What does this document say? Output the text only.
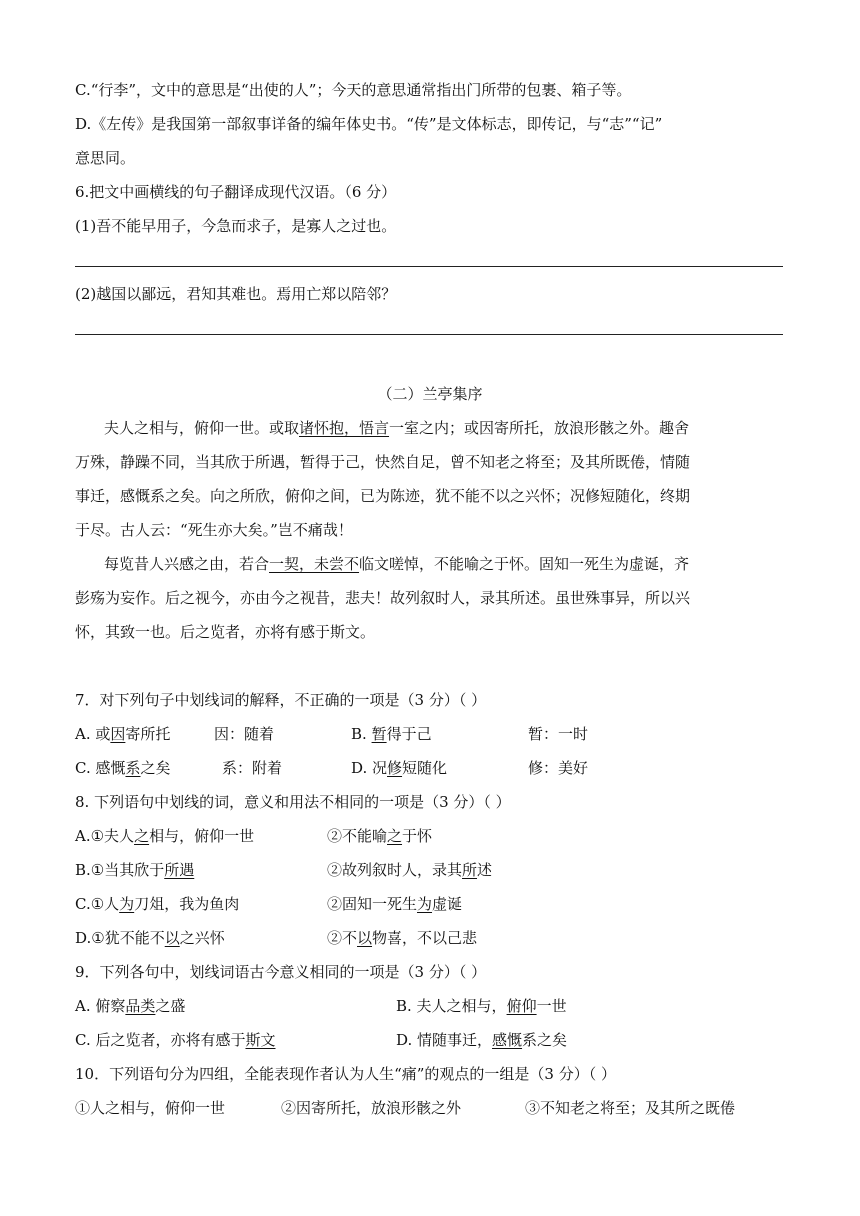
C.“行李”，文中的意思是“出使的人”；今天的意思通常指出门所带的包裹、箱子等。
D.《左传》是我国第一部叙事详备的编年体史书。“传”是文体标志，即传记，与“志”“记”
意思同。
6.把文中画横线的句子翻译成现代汉语。（6 分）
(1)吾不能早用子，今急而求子，是寡人之过也。
(2)越国以鄙远，君知其难也。焉用亡郑以陪邻？
（二）兰亭集序
夫人之相与，俯仰一世。或取诸怀抱，悟言一室之内；或因寄所托，放浪形骸之外。趣舍
万殊，静躁不同，当其欣于所遇，暂得于己，快然自足，曾不知老之将至；及其所既倦，情随
事迁，感慨系之矣。向之所欣，俯仰之间，已为陈迹，犹不能不以之兴怀；况修短随化，终期
于尽。古人云：“死生亦大矣。”岂不痛哉！
每览昔人兴感之由，若合一契，未尝不临文嗟悼，不能喻之于怀。固知一死生为虚诞，齐
彭殇为妄作。后之视今，亦由今之视昔，悲夫！故列叙时人，录其所述。虽世殊事异，所以兴
怀，其致一也。后之览者，亦将有感于斯文。
7．对下列句子中划线词的解释，不正确的一项是（3 分）（ ）
A. 或因寄所托	因：随着	B. 暂得于己	暂：一时
C. 感慨系之矣	系：附着	D. 况修短随化	修：美好
8. 下列语句中划线的词，意义和用法不相同的一项是（3 分）（ ）
A.①夫人之相与，俯仰一世	②不能喻之于怀
B.①当其欣于所遇	②故列叙时人，录其所述
C.①人为刀俎，我为鱼肉	②固知一死生为虚诞
D.①犹不能不以之兴怀	②不以物喜，不以己悲
9．下列各句中，划线词语古今意义相同的一项是（3 分）（ ）
A. 俯察品类之盛	B. 夫人之相与，俯仰一世
C. 后之览者，亦将有感于斯文	D. 情随事迁，感慨系之矣
10．下列语句分为四组，全能表现作者认为人生“痛”的观点的一组是（3 分）（ ）
①人之相与，俯仰一世	②因寄所托，放浪形骸之外	③不知老之将至；及其所之既倦
